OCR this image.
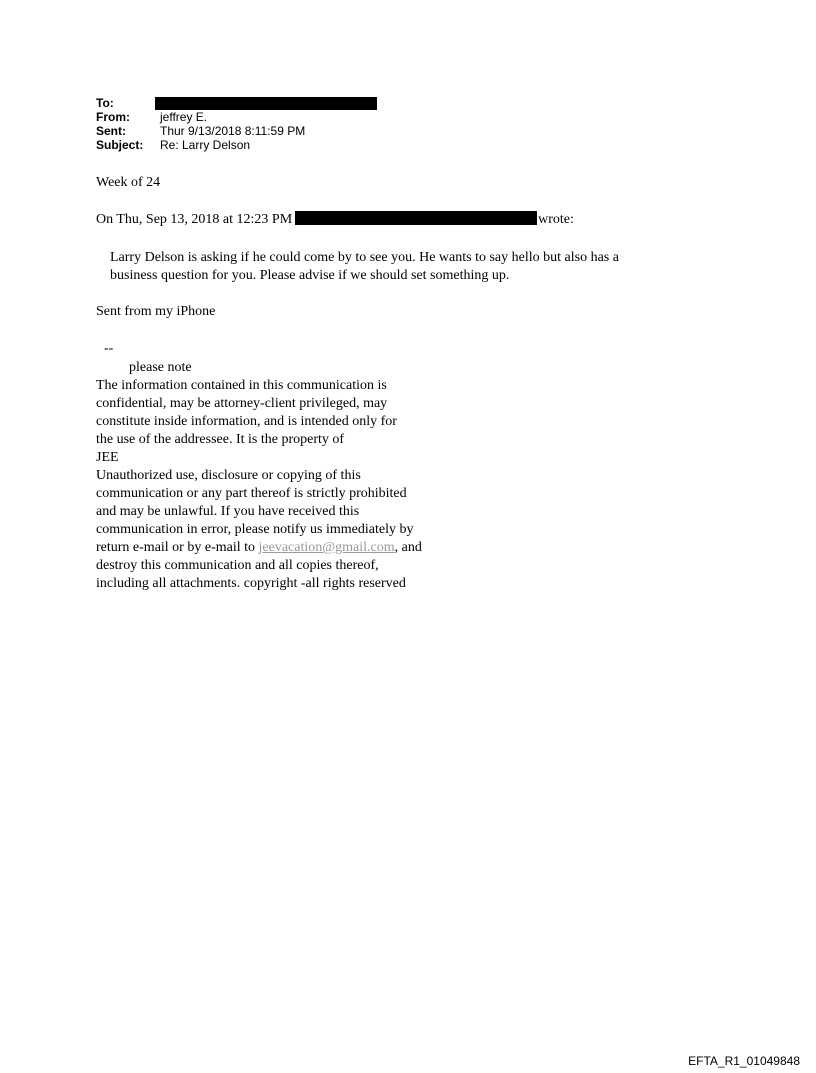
To:
From:	jeffrey E.
Sent:	Thur 9/13/2018 8:11:59 PM
Subject:	Re: Larry Delson
Week of 24
On Thu, Sep 13, 2018 at 12:23 PM	wrote:
Larry Delson is asking if he could come by to see you. He wants to say hello but also has a
business question for you. Please advise if we should set something up.
Sent from my iPhone
--
please note
The information contained in this communication is
confidential, may be attorney-client privileged, may
constitute inside information, and is intended only for
the use of the addressee. It is the property of
JEE
Unauthorized use, disclosure or copying of this
communication or any part thereof is strictly prohibited
and may be unlawful. If you have received this
communication in error, please notify us immediately by
return e-mail or by e-mail to jeevacation@gmail.com, and
destroy this communication and all copies thereof,
including all attachments. copyright -all rights reserved
EFTA_R1_01049848
